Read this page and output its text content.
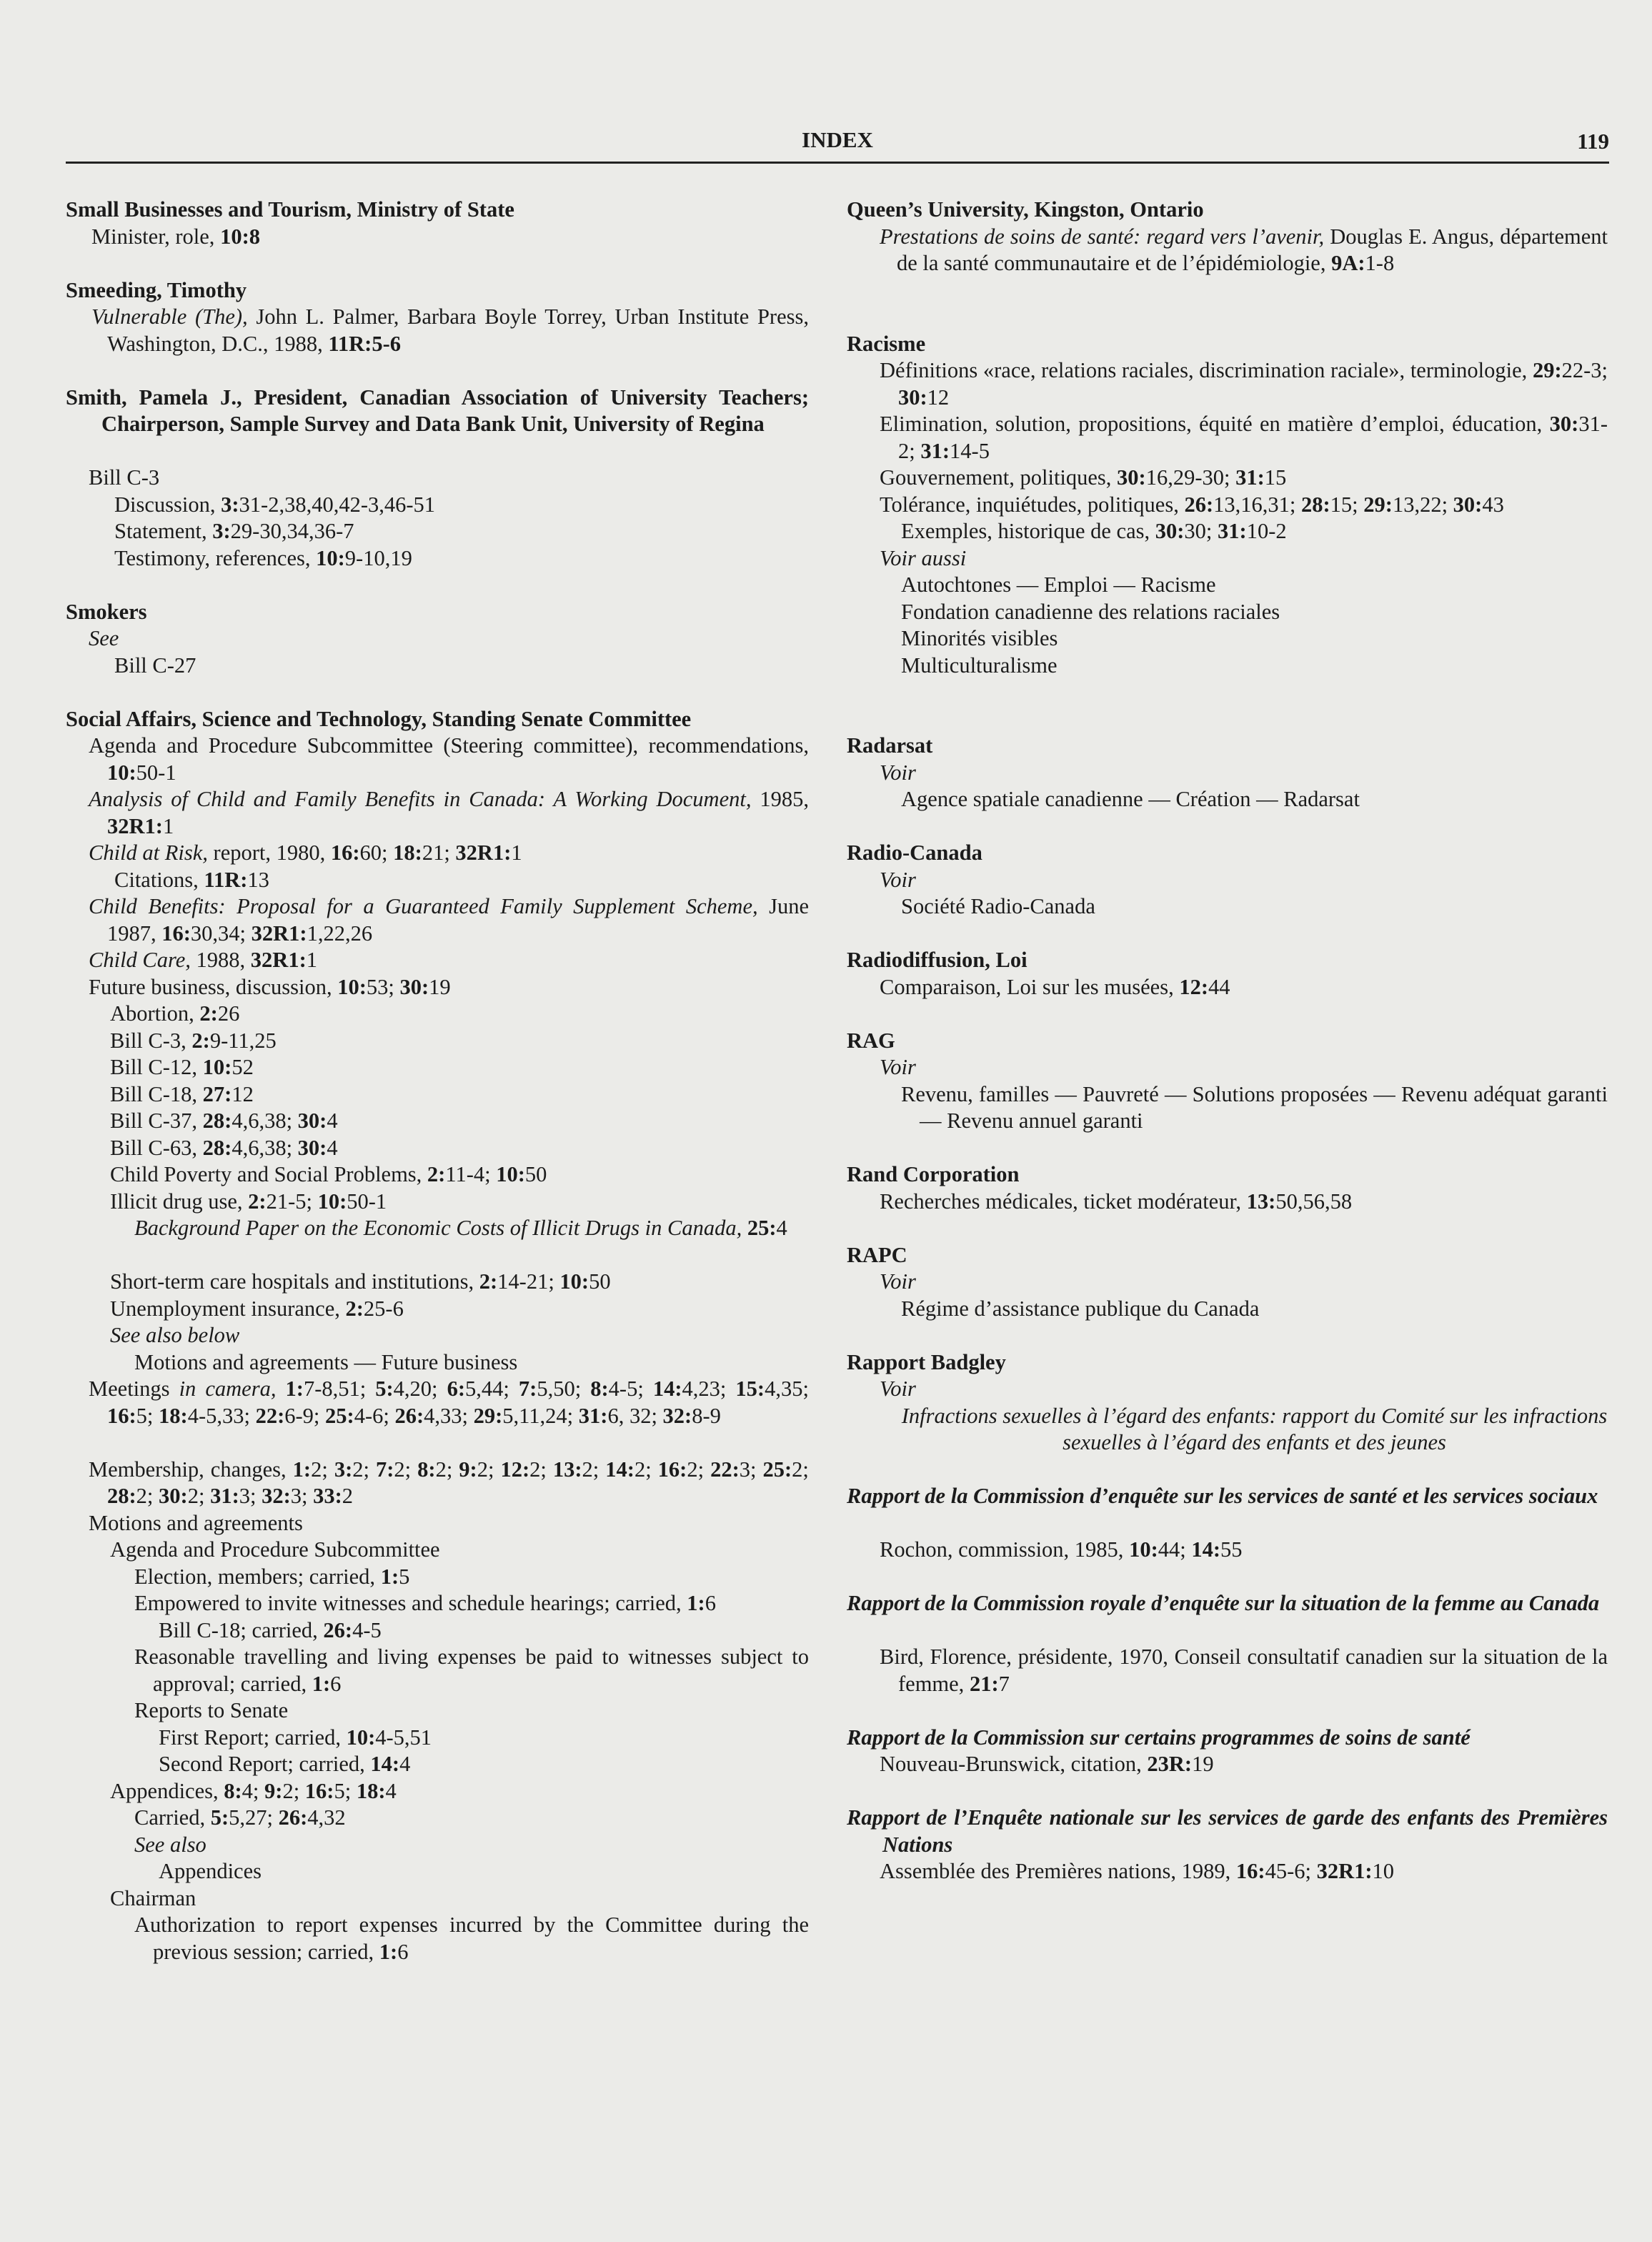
INDEX	119
Small Businesses and Tourism, Ministry of State
Minister, role, 10:8
Smeeding, Timothy
Vulnerable (The), John L. Palmer, Barbara Boyle Torrey, Urban Institute Press, Washington, D.C., 1988, 11R:5-6
Smith, Pamela J., President, Canadian Association of University Teachers; Chairperson, Sample Survey and Data Bank Unit, University of Regina
Bill C-3
Discussion, 3:31-2,38,40,42-3,46-51
Statement, 3:29-30,34,36-7
Testimony, references, 10:9-10,19
Smokers
See
Bill C-27
Social Affairs, Science and Technology, Standing Senate Committee
Agenda and Procedure Subcommittee (Steering committee), recommendations, 10:50-1
Analysis of Child and Family Benefits in Canada: A Working Document, 1985, 32R1:1
Child at Risk, report, 1980, 16:60; 18:21; 32R1:1
Citations, 11R:13
Child Benefits: Proposal for a Guaranteed Family Supplement Scheme, June 1987, 16:30,34; 32R1:1,22,26
Child Care, 1988, 32R1:1
Future business, discussion, 10:53; 30:19
Abortion, 2:26
Bill C-3, 2:9-11,25
Bill C-12, 10:52
Bill C-18, 27:12
Bill C-37, 28:4,6,38; 30:4
Bill C-63, 28:4,6,38; 30:4
Child Poverty and Social Problems, 2:11-4; 10:50
Illicit drug use, 2:21-5; 10:50-1
Background Paper on the Economic Costs of Illicit Drugs in Canada, 25:4
Short-term care hospitals and institutions, 2:14-21; 10:50
Unemployment insurance, 2:25-6
See also below
Motions and agreements — Future business
Meetings in camera, 1:7-8,51; 5:4,20; 6:5,44; 7:5,50; 8:4-5; 14:4,23; 15:4,35; 16:5; 18:4-5,33; 22:6-9; 25:4-6; 26:4,33; 29:5,11,24; 31:6, 32; 32:8-9
Membership, changes, 1:2; 3:2; 7:2; 8:2; 9:2; 12:2; 13:2; 14:2; 16:2; 22:3; 25:2; 28:2; 30:2; 31:3; 32:3; 33:2
Motions and agreements
Agenda and Procedure Subcommittee
Election, members; carried, 1:5
Empowered to invite witnesses and schedule hearings; carried, 1:6
Bill C-18; carried, 26:4-5
Reasonable travelling and living expenses be paid to witnesses subject to approval; carried, 1:6
Reports to Senate
First Report; carried, 10:4-5,51
Second Report; carried, 14:4
Appendices, 8:4; 9:2; 16:5; 18:4
Carried, 5:5,27; 26:4,32
See also
Appendices
Chairman
Authorization to report expenses incurred by the Committee during the previous session; carried, 1:6
Queen’s University, Kingston, Ontario
Prestations de soins de santé: regard vers l’avenir, Douglas E. Angus, département de la santé communautaire et de l’épidémiologie, 9A:1-8
Racisme
Définitions «race, relations raciales, discrimination raciale», terminologie, 29:22-3; 30:12
Elimination, solution, propositions, équité en matière d’emploi, éducation, 30:31-2; 31:14-5
Gouvernement, politiques, 30:16,29-30; 31:15
Tolérance, inquiétudes, politiques, 26:13,16,31; 28:15; 29:13,22; 30:43
Exemples, historique de cas, 30:30; 31:10-2
Voir aussi
Autochtones — Emploi — Racisme
Fondation canadienne des relations raciales
Minorités visibles
Multiculturalisme
Radarsat
Voir
Agence spatiale canadienne — Création — Radarsat
Radio-Canada
Voir
Société Radio-Canada
Radiodiffusion, Loi
Comparaison, Loi sur les musées, 12:44
RAG
Voir
Revenu, familles — Pauvreté — Solutions proposées — Revenu adéquat garanti — Revenu annuel garanti
Rand Corporation
Recherches médicales, ticket modérateur, 13:50,56,58
RAPC
Voir
Régime d’assistance publique du Canada
Rapport Badgley
Voir
Infractions sexuelles à l’égard des enfants: rapport du Comité sur les infractions sexuelles à l’égard des enfants et des jeunes
Rapport de la Commission d’enquête sur les services de santé et les services sociaux
Rochon, commission, 1985, 10:44; 14:55
Rapport de la Commission royale d’enquête sur la situation de la femme au Canada
Bird, Florence, présidente, 1970, Conseil consultatif canadien sur la situation de la femme, 21:7
Rapport de la Commission sur certains programmes de soins de santé
Nouveau-Brunswick, citation, 23R:19
Rapport de l’Enquête nationale sur les services de garde des enfants des Premières Nations
Assemblée des Premières nations, 1989, 16:45-6; 32R1:10
